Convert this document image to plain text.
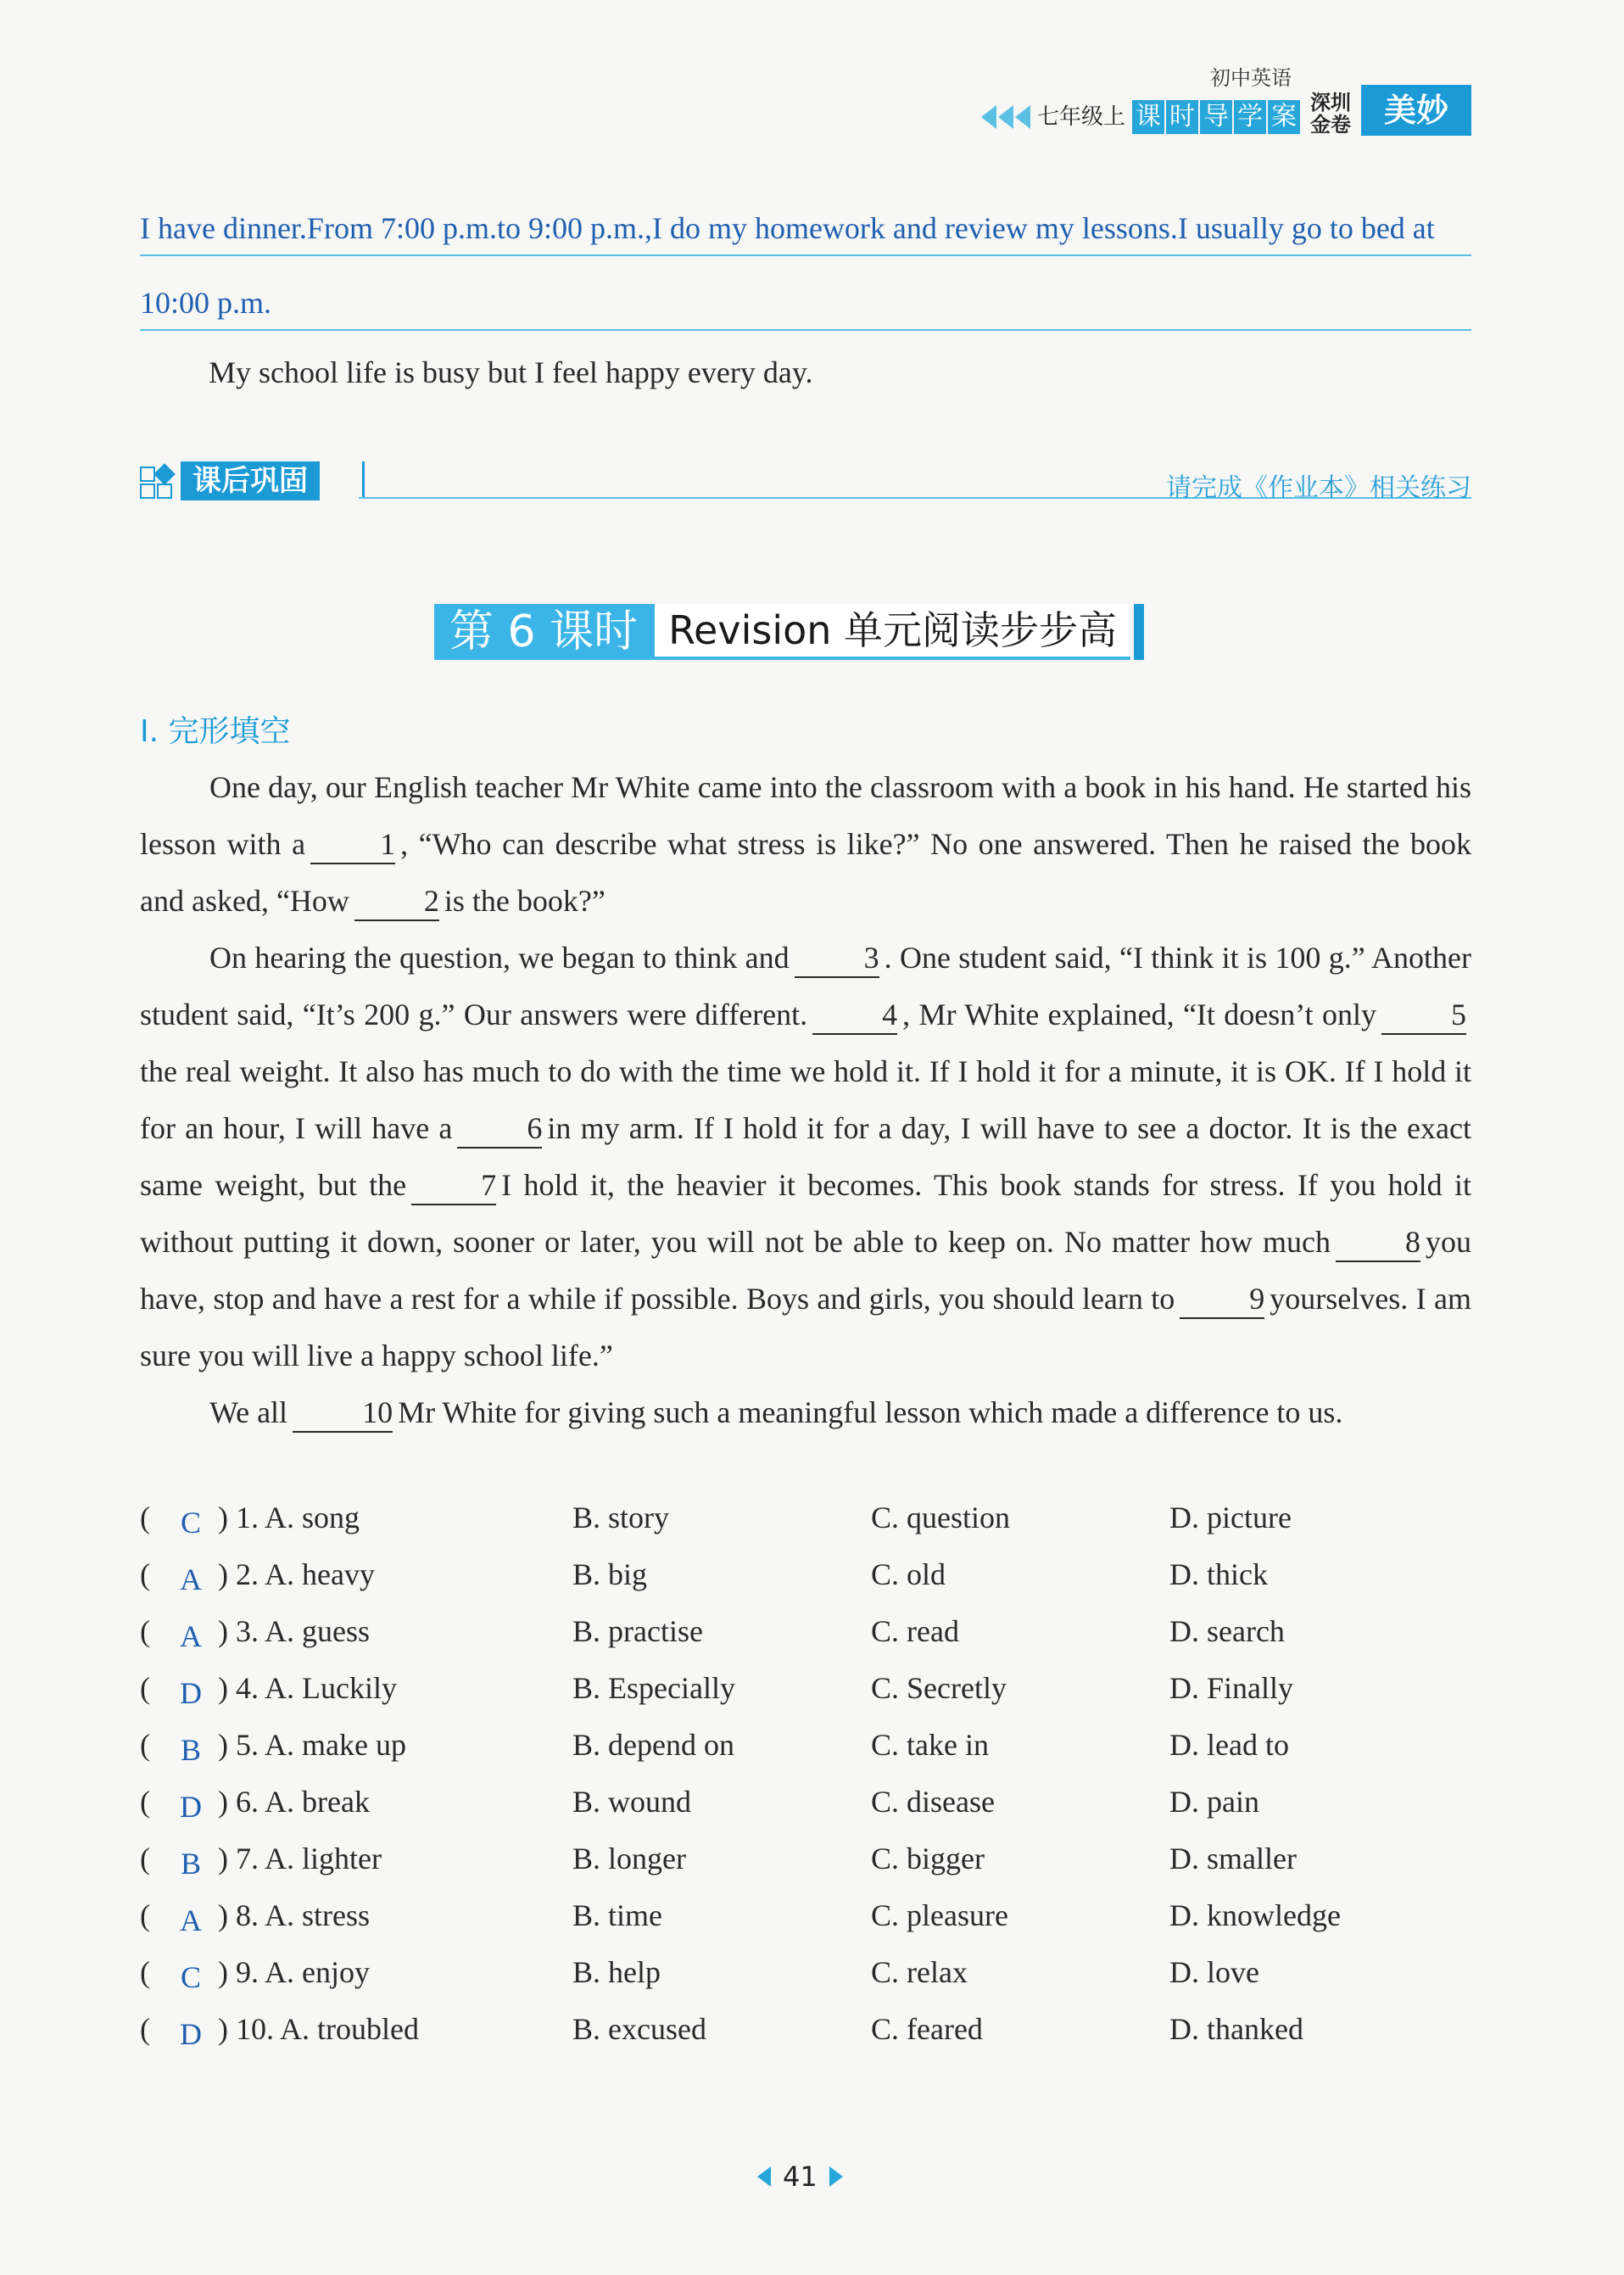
七年级上 课 时 导 学 案
初中英语
深圳
金卷	美妙
I have dinner.From 7:00 p.m.to 9:00 p.m.,I do my homework and review my lessons.I usually go to bed at
10:00 p.m.
My school life is busy but I feel happy every day.
课后巩固	请完成《作业本》相关练习
第 6 课时 Revision 单元阅读步步高
I. 完形填空

One day, our English teacher Mr White came into the classroom with a book in his hand. He started his lesson with a 1 , “Who can describe what stress is like?” No one answered. Then he raised the book and asked, “How 2 is the book?”

On hearing the question, we began to think and 3 . One student said, “I think it is 100 g.” Another student said, “It’s 200 g.” Our answers were different. 4 , Mr White explained, “It doesn’t only 5the real weight. It also has much to do with the time we hold it. If I hold it for a minute, it is OK. If I hold it for an hour, I will have a 6 in my arm. If I hold it for a day, I will have to see a doctor. It is the exact same weight, but the 7 I hold it, the heavier it becomes. This book stands for stress. If you hold it without putting it down, sooner or later, you will not be able to keep on. No matter how much 8 you have, stop and have a rest for a while if possible. Boys and girls, you should learn to 9 yourselves. I am sure you will live a happy school life.”

We all 10 Mr White for giving such a meaningful lesson which made a difference to us.

( C ) 1. A. song	B. story	C. question	D. picture
( A ) 2. A. heavy	B. big	C. old	D. thick
( A ) 3. A. guess	B. practise	C. read	D. search
( D ) 4. A. Luckily	B. Especially	C. Secretly	D. Finally
( B ) 5. A. make up	B. depend on	C. take in	D. lead to
( D ) 6. A. break	B. wound	C. disease	D. pain
( B ) 7. A. lighter	B. longer	C. bigger	D. smaller
( A ) 8. A. stress	B. time	C. pleasure	D. knowledge
( C ) 9. A. enjoy	B. help	C. relax	D. love
( D ) 10. A. troubled	B. excused	C. feared	D. thanked
41
